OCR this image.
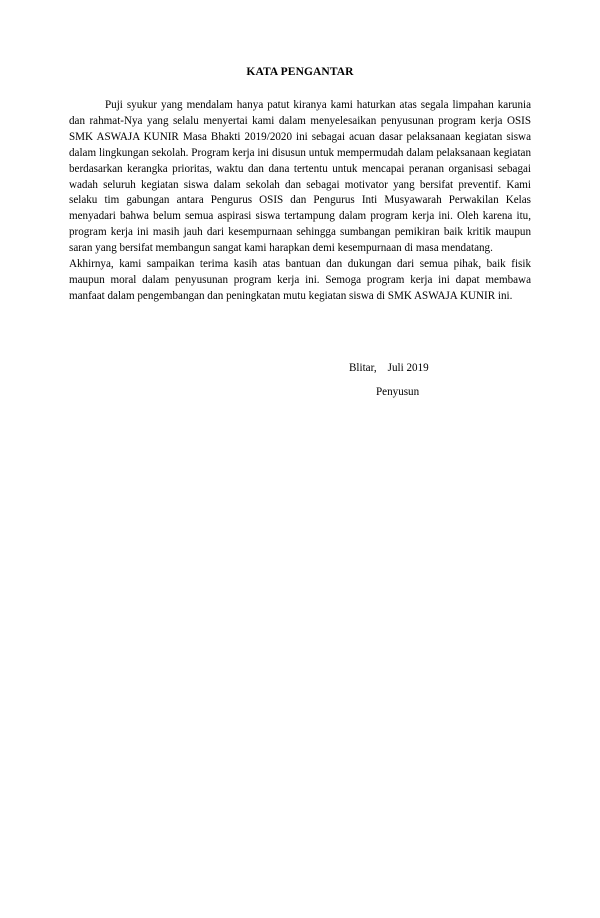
KATA PENGANTAR

Puji syukur yang mendalam hanya patut kiranya kami haturkan atas segala limpahan karunia dan rahmat-Nya yang selalu menyertai kami dalam menyelesaikan penyusunan program kerja OSIS SMK ASWAJA KUNIR Masa Bhakti 2019/2020 ini sebagai acuan dasar pelaksanaan kegiatan siswa dalam lingkungan sekolah. Program kerja ini disusun untuk mempermudah dalam pelaksanaan kegiatan berdasarkan kerangka prioritas, waktu dan dana tertentu untuk mencapai peranan organisasi sebagai wadah seluruh kegiatan siswa dalam sekolah dan sebagai motivator yang bersifat preventif. Kami selaku tim gabungan antara Pengurus OSIS dan Pengurus Inti Musyawarah Perwakilan Kelas menyadari bahwa belum semua aspirasi siswa tertampung dalam program kerja ini. Oleh karena itu, program kerja ini masih jauh dari kesempurnaan sehingga sumbangan pemikiran baik kritik maupun saran yang bersifat membangun sangat kami harapkan demi kesempurnaan di masa mendatang.

Akhirnya, kami sampaikan terima kasih atas bantuan dan dukungan dari semua pihak, baik fisik maupun moral dalam penyusunan program kerja ini. Semoga program kerja ini dapat membawa manfaat dalam pengembangan dan peningkatan mutu kegiatan siswa di SMK ASWAJA KUNIR ini.

Blitar,    Juli 2019
Penyusun
